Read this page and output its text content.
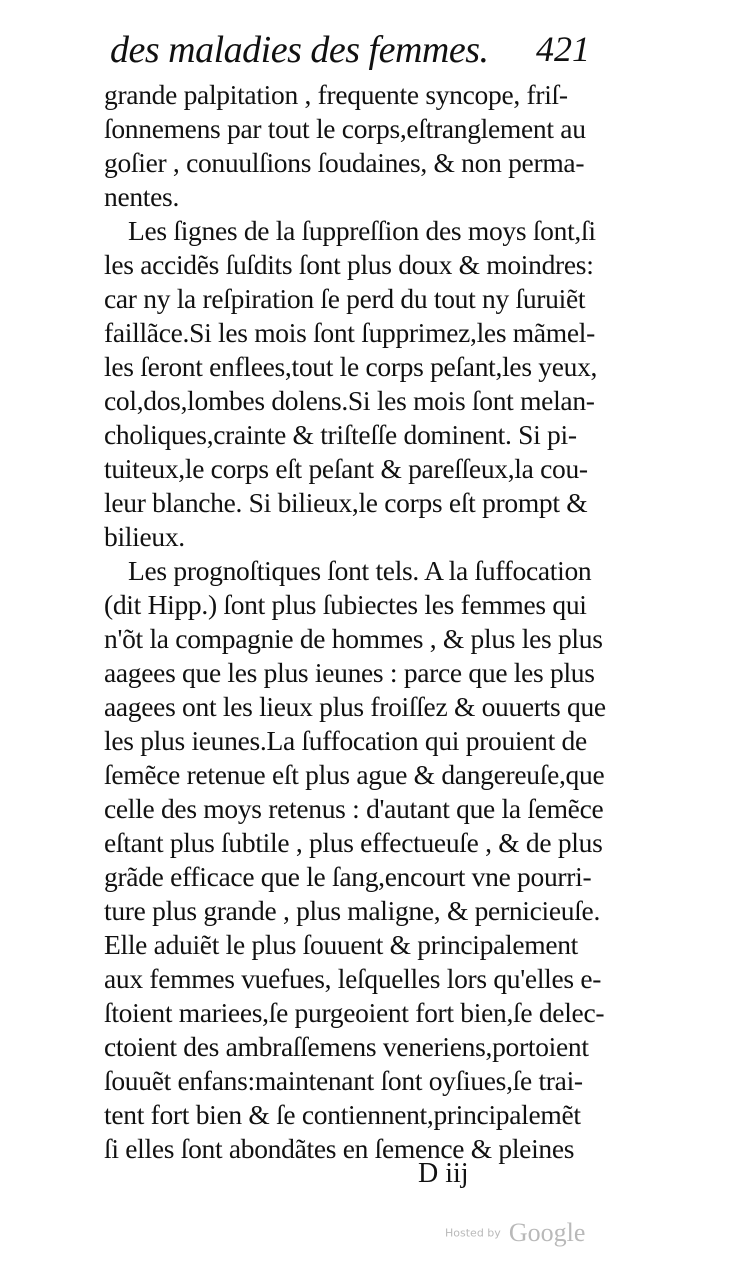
des maladies des femmes. 421
grande palpitation , frequente syncope, friſ-
ſonnemens par tout le corps,eſtranglement au
goſier , conuulſions ſoudaines, & non perma-
nentes.
Les ſignes de la ſuppreſſion des moys ſont,ſi
les accidẽs ſuſdits ſont plus doux & moindres:
car ny la reſpiration ſe perd du tout ny ſuruiẽt
faillãce.Si les mois ſont ſupprimez,les mãmel-
les ſeront enflees,tout le corps peſant,les yeux,
col,dos,lombes dolens.Si les mois ſont melan-
choliques,crainte & triſteſſe dominent. Si pi-
tuiteux,le corps eſt peſant & pareſſeux,la cou-
leur blanche. Si bilieux,le corps eſt prompt &
bilieux.
Les prognoſtiques ſont tels. A la ſuffocation
(dit Hipp.) ſont plus ſubiectes les femmes qui
n'õt la compagnie de hommes , & plus les plus
aagees que les plus ieunes : parce que les plus
aagees ont les lieux plus froiſſez & ouuerts que
les plus ieunes.La ſuffocation qui prouient de
ſemẽce retenue eſt plus ague & dangereuſe,que
celle des moys retenus : d'autant que la ſemẽce
eſtant plus ſubtile , plus effectueuſe , & de plus
grãde efficace que le ſang,encourt vne pourri-
ture plus grande , plus maligne, & pernicieuſe.
Elle aduiẽt le plus ſouuent & principalement
aux femmes vuefues, leſquelles lors qu'elles e-
ſtoient mariees,ſe purgeoient fort bien,ſe delec-
ctoient des ambraſſemens veneriens,portoient
ſouuẽt enfans:maintenant ſont oyſiues,ſe trai-
tent fort bien & ſe contiennent,principalemẽt
ſi elles ſont abondãtes en ſemence & pleines
D iij
Hosted by Google
